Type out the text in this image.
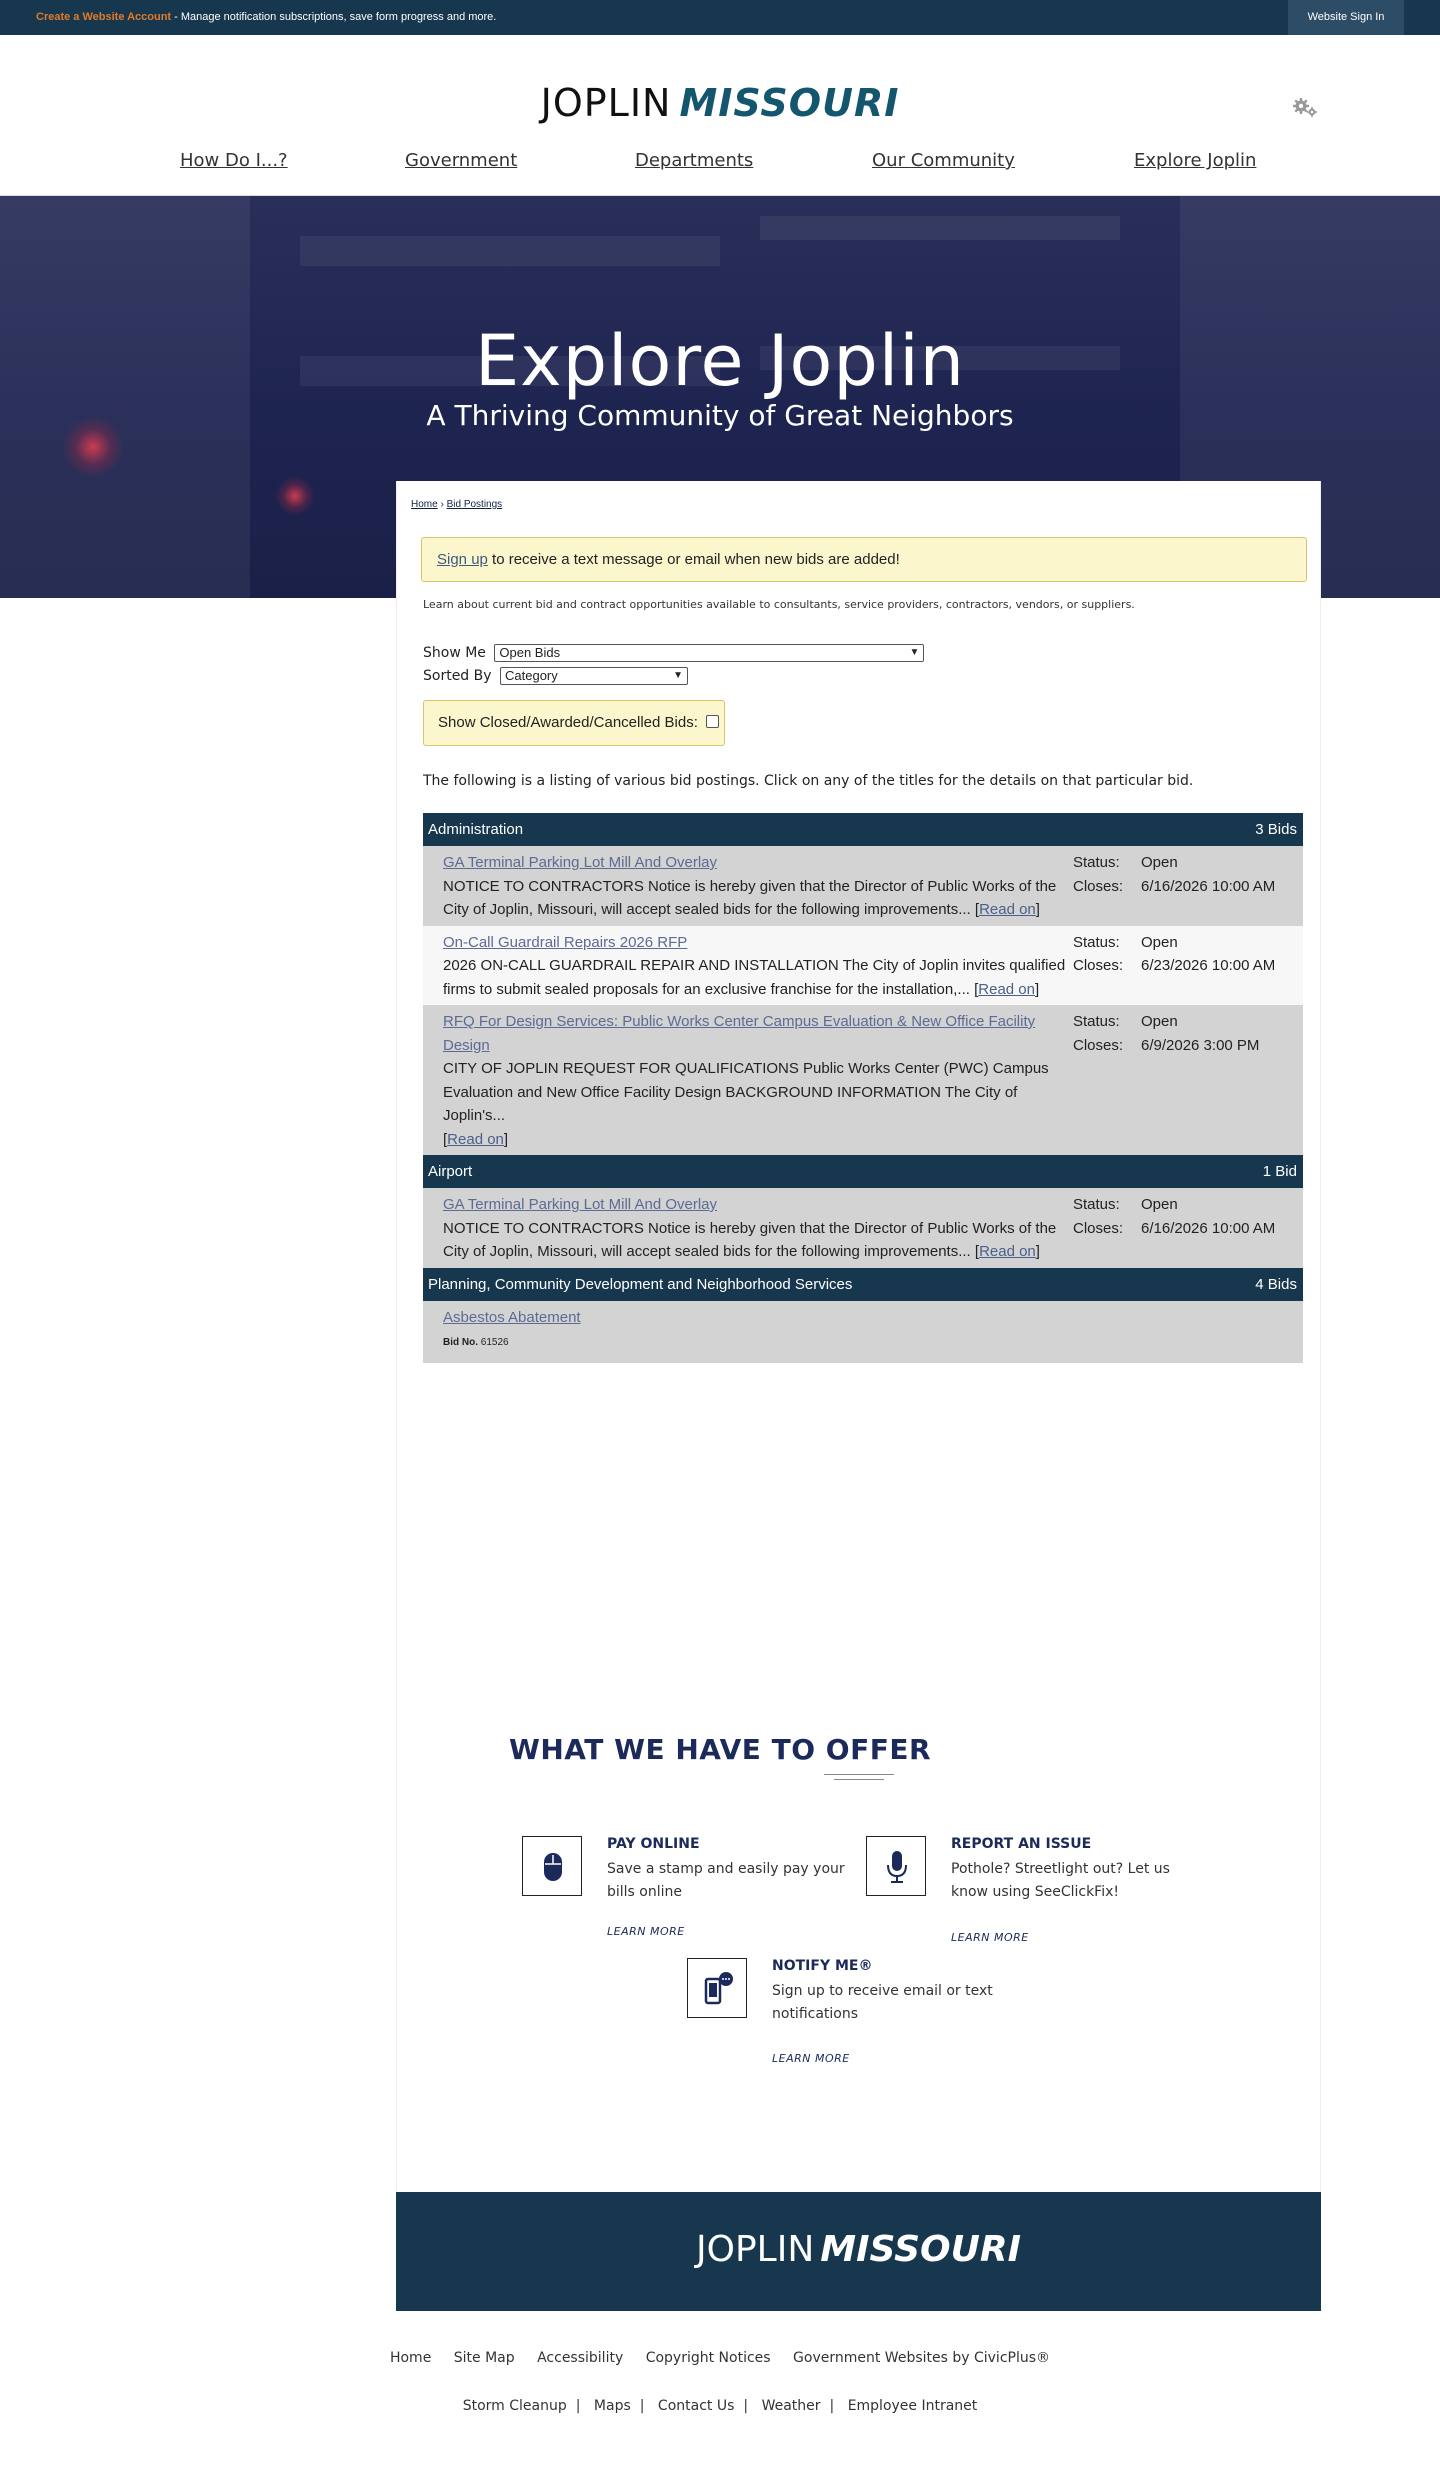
Create a Website Account - Manage notification subscriptions, save form progress and more.	Website Sign In
JOPLIN MISSOURI
How Do I...?	Government	Departments	Our Community	Explore Joplin
Explore Joplin
A Thriving Community of Great Neighbors
Home › Bid Postings
Sign up to receive a text message or email when new bids are added!
Learn about current bid and contract opportunities available to consultants, service providers, contractors, vendors, or suppliers.
Show Me Open Bids	▼
Sorted By Category	▼
Show Closed/Awarded/Cancelled Bids:
The following is a listing of various bid postings. Click on any of the titles for the details on that particular bid.
Administration	3 Bids
GA Terminal Parking Lot Mill And Overlay
NOTICE TO CONTRACTORS Notice is hereby given that the Director of Public Works of the City of Joplin, Missouri, will accept sealed bids for the following improvements... [Read on]
Status: Open
Closes: 6/16/2026 10:00 AM
On-Call Guardrail Repairs 2026 RFP
2026 ON-CALL GUARDRAIL REPAIR AND INSTALLATION The City of Joplin invites qualified firms to submit sealed proposals for an exclusive franchise for the installation,... [Read on]
Status: Open
Closes: 6/23/2026 10:00 AM
RFQ For Design Services: Public Works Center Campus Evaluation & New Office Facility Design
CITY OF JOPLIN REQUEST FOR QUALIFICATIONS Public Works Center (PWC) Campus Evaluation and New Office Facility Design BACKGROUND INFORMATION The City of Joplin's...
[Read on]
Status: Open
Closes: 6/9/2026 3:00 PM
Airport	1 Bid
GA Terminal Parking Lot Mill And Overlay
NOTICE TO CONTRACTORS Notice is hereby given that the Director of Public Works of the City of Joplin, Missouri, will accept sealed bids for the following improvements... [Read on]
Status: Open
Closes: 6/16/2026 10:00 AM
Planning, Community Development and Neighborhood Services	4 Bids
Asbestos Abatement
Bid No. 61526
WHAT WE HAVE TO OFFER
PAY ONLINE
Save a stamp and easily pay your bills online
LEARN MORE
REPORT AN ISSUE
Pothole? Streetlight out? Let us know using SeeClickFix!
LEARN MORE
NOTIFY ME®
Sign up to receive email or text notifications
LEARN MORE
JOPLIN MISSOURI
Home Site Map Accessibility Copyright Notices Government Websites by CivicPlus®
Storm Cleanup | Maps | Contact Us | Weather | Employee Intranet
